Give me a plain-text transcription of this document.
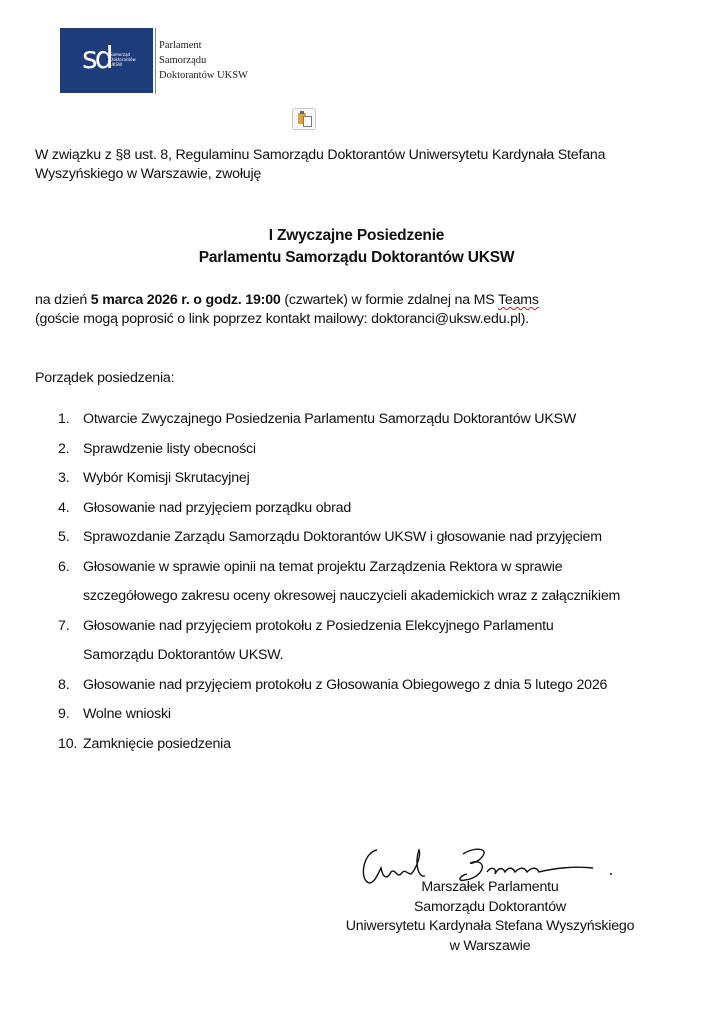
sd Samorząd
Doktorantów
UKSW
Parlament
Samorządu
Doktorantów UKSW
W związku z §8 ust. 8, Regulaminu Samorządu Doktorantów Uniwersytetu Kardynała Stefana
Wyszyńskiego w Warszawie, zwołuję
I Zwyczajne Posiedzenie
Parlamentu Samorządu Doktorantów UKSW
na dzień 5 marca 2026 r. o godz. 19:00 (czwartek) w formie zdalnej na MS Teams
(goście mogą poprosić o link poprzez kontakt mailowy: doktoranci@uksw.edu.pl).
Porządek posiedzenia:
1. Otwarcie Zwyczajnego Posiedzenia Parlamentu Samorządu Doktorantów UKSW
2. Sprawdzenie listy obecności
3. Wybór Komisji Skrutacyjnej
4. Głosowanie nad przyjęciem porządku obrad
5. Sprawozdanie Zarządu Samorządu Doktorantów UKSW i głosowanie nad przyjęciem
6. Głosowanie w sprawie opinii na temat projektu Zarządzenia Rektora w sprawie
szczegółowego zakresu oceny okresowej nauczycieli akademickich wraz z załącznikiem
7. Głosowanie nad przyjęciem protokołu z Posiedzenia Elekcyjnego Parlamentu
Samorządu Doktorantów UKSW.
8. Głosowanie nad przyjęciem protokołu z Głosowania Obiegowego z dnia 5 lutego 2026
9. Wolne wnioski
10. Zamknięcie posiedzenia
Marszałek Parlamentu
Samorządu Doktorantów
Uniwersytetu Kardynała Stefana Wyszyńskiego
w Warszawie
